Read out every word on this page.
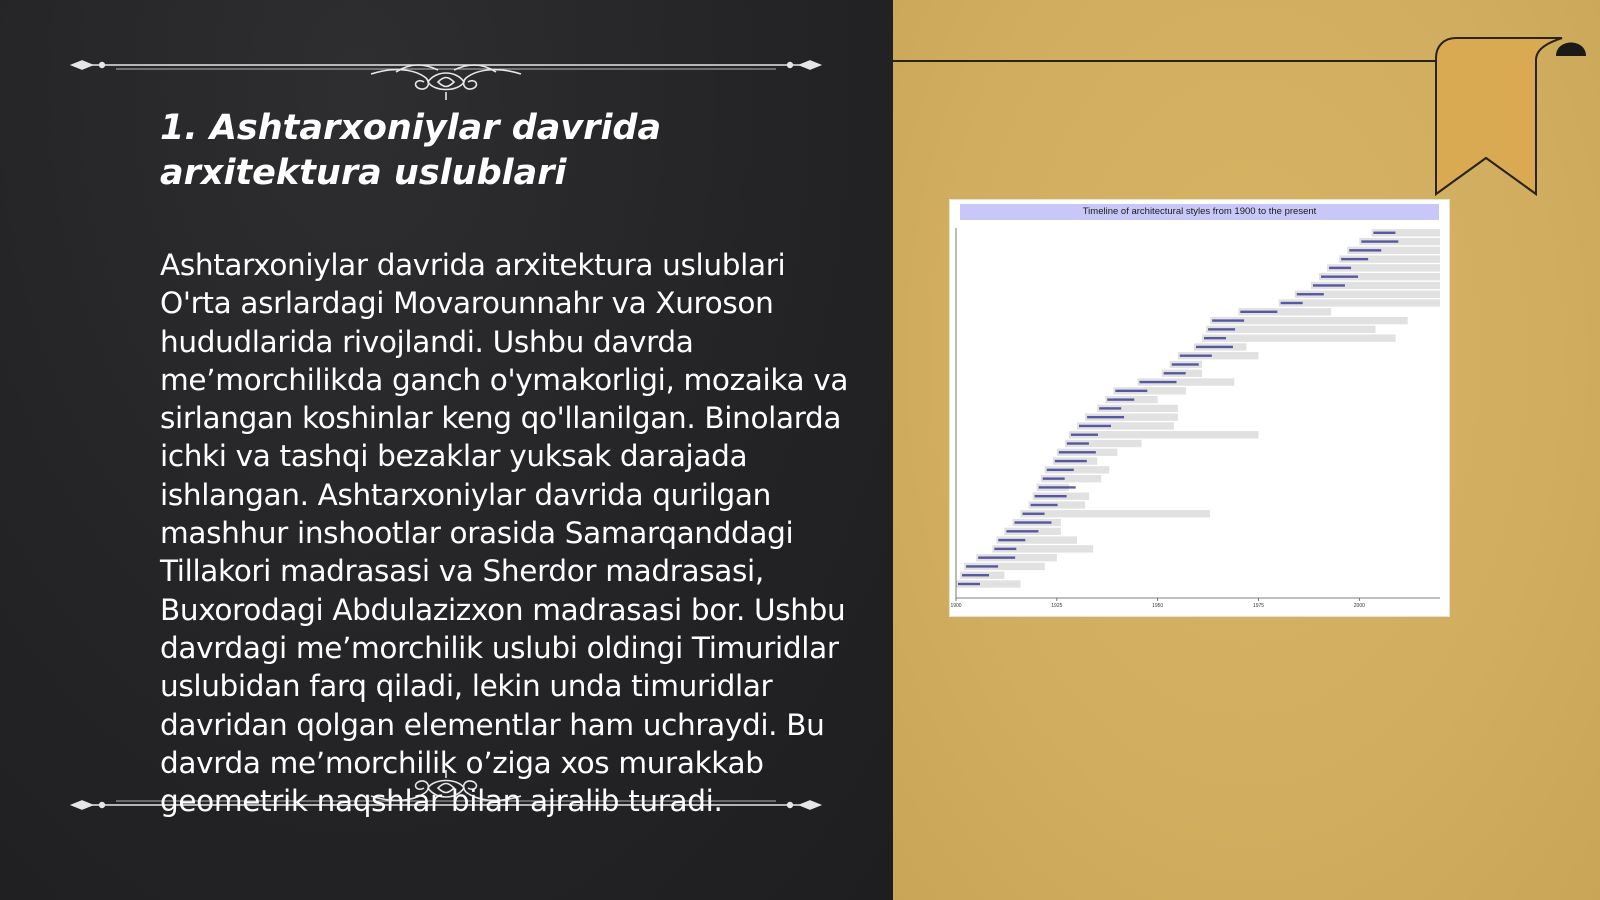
1. Ashtarxoniylar davrida arxitektura uslublari

Ashtarxoniylar davrida arxitektura uslublari O'rta asrlardagi Movarounnahr va Xuroson hududlarida rivojlandi. Ushbu davrda me’morchilikda ganch o'ymakorligi, mozaika va sirlangan koshinlar keng qo'llanilgan. Binolarda ichki va tashqi bezaklar yuksak darajada ishlangan. Ashtarxoniylar davrida qurilgan mashhur inshootlar orasida Samarqanddagi Tillakori madrasasi va Sherdor madrasasi, Buxorodagi Abdulazizxon madrasasi bor. Ushbu davrdagi me’morchilik uslubi oldingi Timuridlar uslubidan farq qiladi, lekin unda timuridlar davridan qolgan elementlar ham uchraydi. Bu davrda me’morchilik o’ziga xos murakkab geometrik naqshlar bilan ajralib turadi.

Timeline of architectural styles from 1900 to the present
1900	1925	1950	1975	2000
